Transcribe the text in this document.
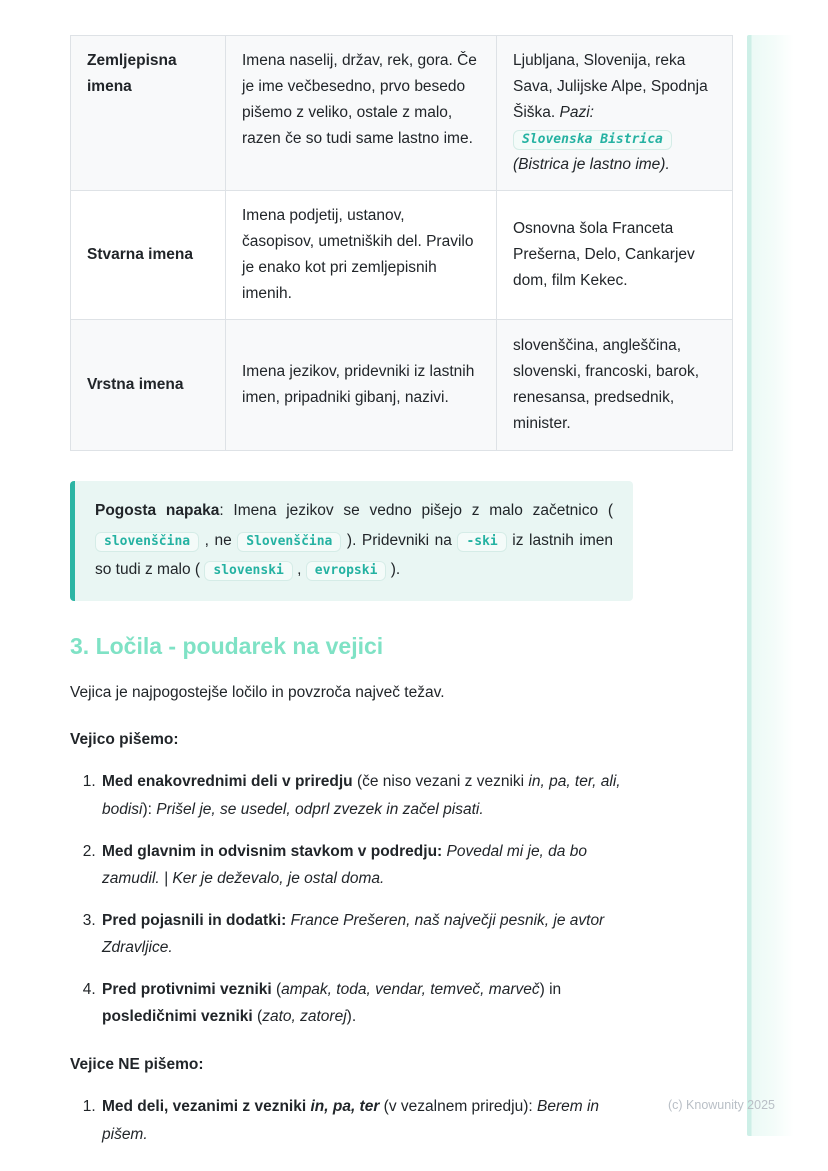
Zemljepisna imena	Imena naselij, držav, rek, gora. Če je ime večbesedno, prvo besedo pišemo z veliko, ostale z malo, razen če so tudi same lastno ime.	Ljubljana, Slovenija, reka Sava, Julijske Alpe, Spodnja Šiška. Pazi: Slovenska Bistrica (Bistrica je lastno ime).
Stvarna imena	Imena podjetij, ustanov, časopisov, umetniških del. Pravilo je enako kot pri zemljepisnih imenih.	Osnovna šola Franceta Prešerna, Delo, Cankarjev dom, film Kekec.
Vrstna imena	Imena jezikov, pridevniki iz lastnih imen, pripadniki gibanj, nazivi.	slovenščina, angleščina, slovenski, francoski, barok, renesansa, predsednik, minister.

Pogosta napaka: Imena jezikov se vedno pišejo z malo začetnico ( slovenščina , ne Slovenščina ). Pridevniki na -ski iz lastnih imen so tudi z malo ( slovenski , evropski ).

3. Ločila - poudarek na vejici

Vejica je najpogostejše ločilo in povzroča največ težav.

Vejico pišemo:

1. Med enakovrednimi deli v priredju (če niso vezani z vezniki in, pa, ter, ali, bodisi): Prišel je, se usedel, odprl zvezek in začel pisati.
2. Med glavnim in odvisnim stavkom v podredju: Povedal mi je, da bo zamudil. | Ker je deževalo, je ostal doma.
3. Pred pojasnili in dodatki: France Prešeren, naš največji pesnik, je avtor Zdravljice.
4. Pred protivnimi vezniki (ampak, toda, vendar, temveč, marveč) in posledičnimi vezniki (zato, zatorej).

Vejice NE pišemo:

1. Med deli, vezanimi z vezniki in, pa, ter (v vezalnem priredju): Berem in pišem.
(c) Knowunity 2025
